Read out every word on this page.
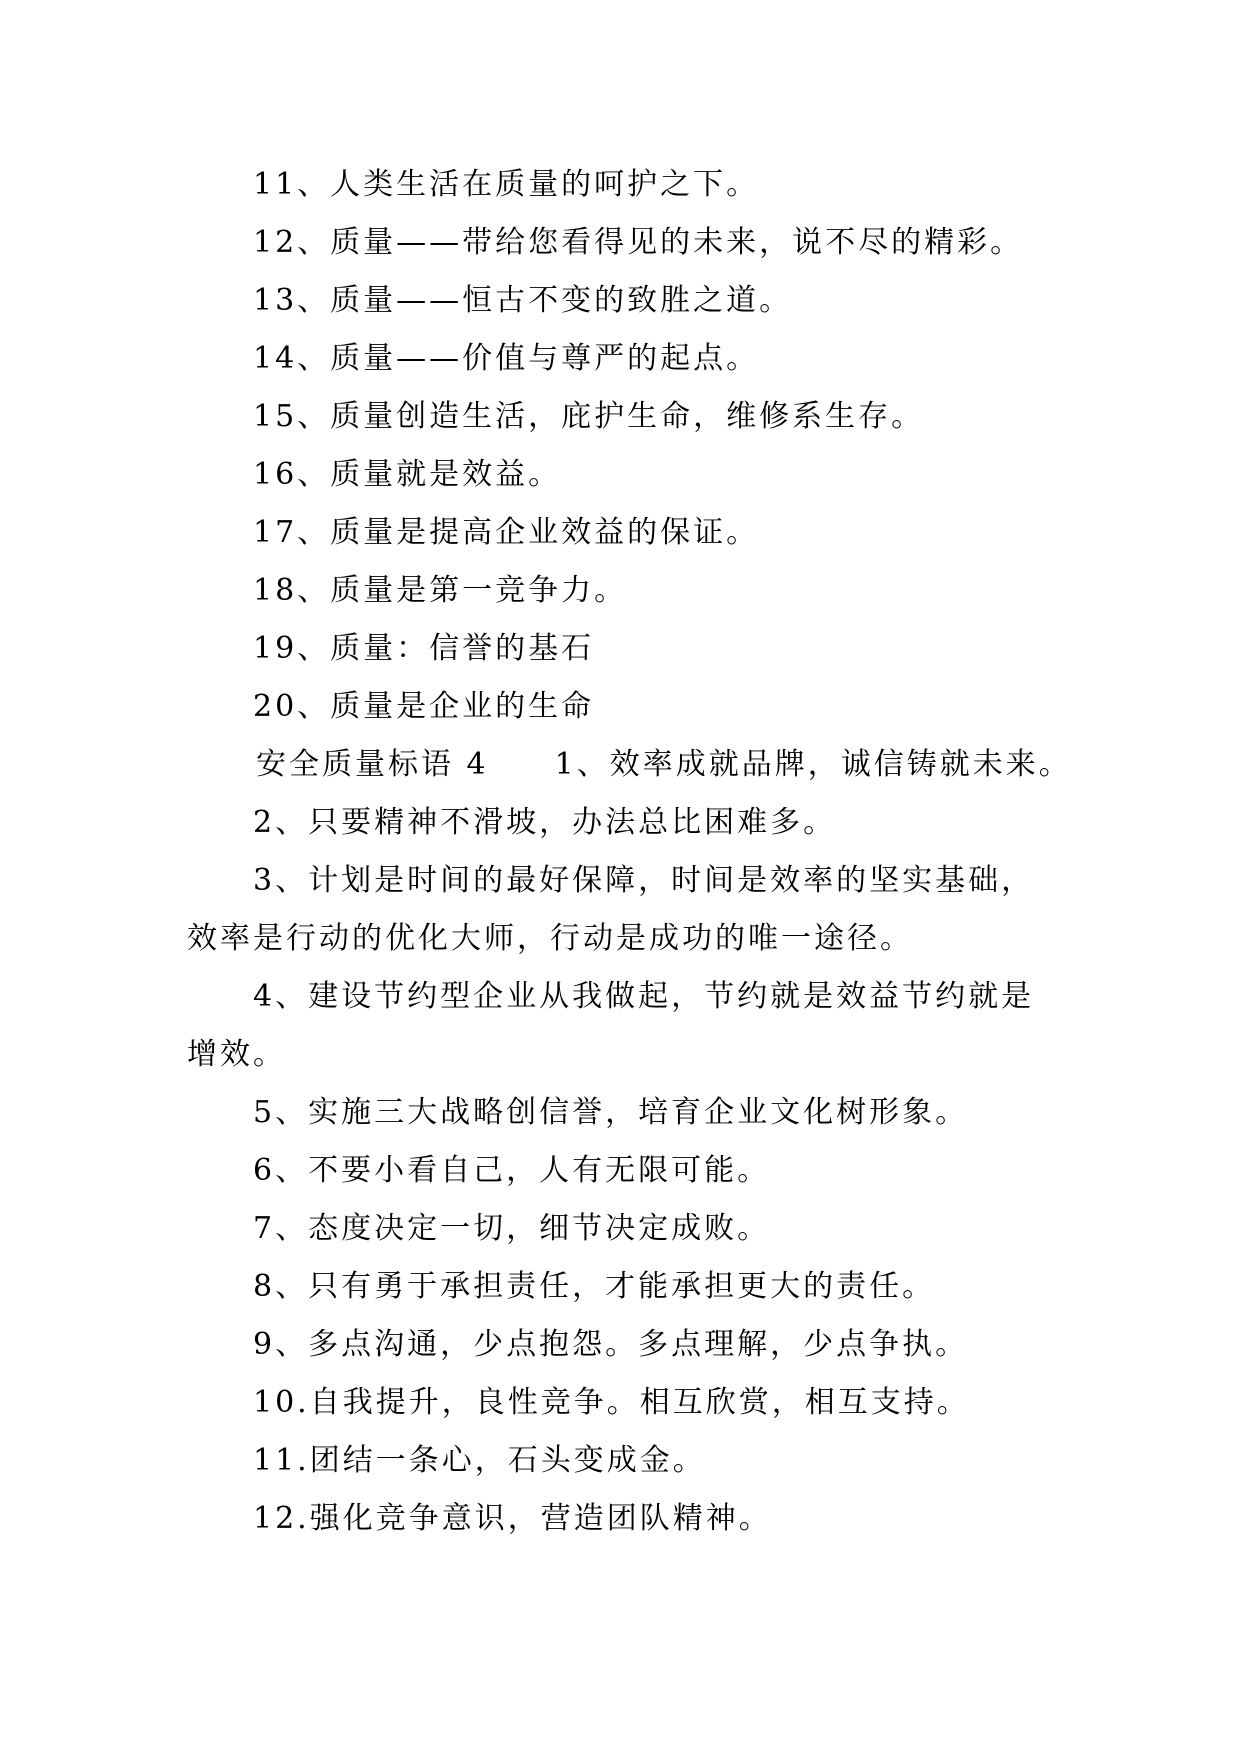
11、人类生活在质量的呵护之下。
12、质量——带给您看得见的未来，说不尽的精彩。
13、质量——恒古不变的致胜之道。
14、质量——价值与尊严的起点。
15、质量创造生活，庇护生命，维修系生存。
16、质量就是效益。
17、质量是提高企业效益的保证。
18、质量是第一竞争力。
19、质量：信誉的基石
20、质量是企业的生命
安全质量标语 4　　1、效率成就品牌，诚信铸就未来。
2、只要精神不滑坡，办法总比困难多。
3、计划是时间的最好保障，时间是效率的坚实基础，
效率是行动的优化大师，行动是成功的唯一途径。
4、建设节约型企业从我做起，节约就是效益节约就是
增效。
5、实施三大战略创信誉，培育企业文化树形象。
6、不要小看自己，人有无限可能。
7、态度决定一切，细节决定成败。
8、只有勇于承担责任，才能承担更大的责任。
9、多点沟通，少点抱怨。多点理解，少点争执。
10.自我提升，良性竞争。相互欣赏，相互支持。
11.团结一条心，石头变成金。
12.强化竞争意识，营造团队精神。
